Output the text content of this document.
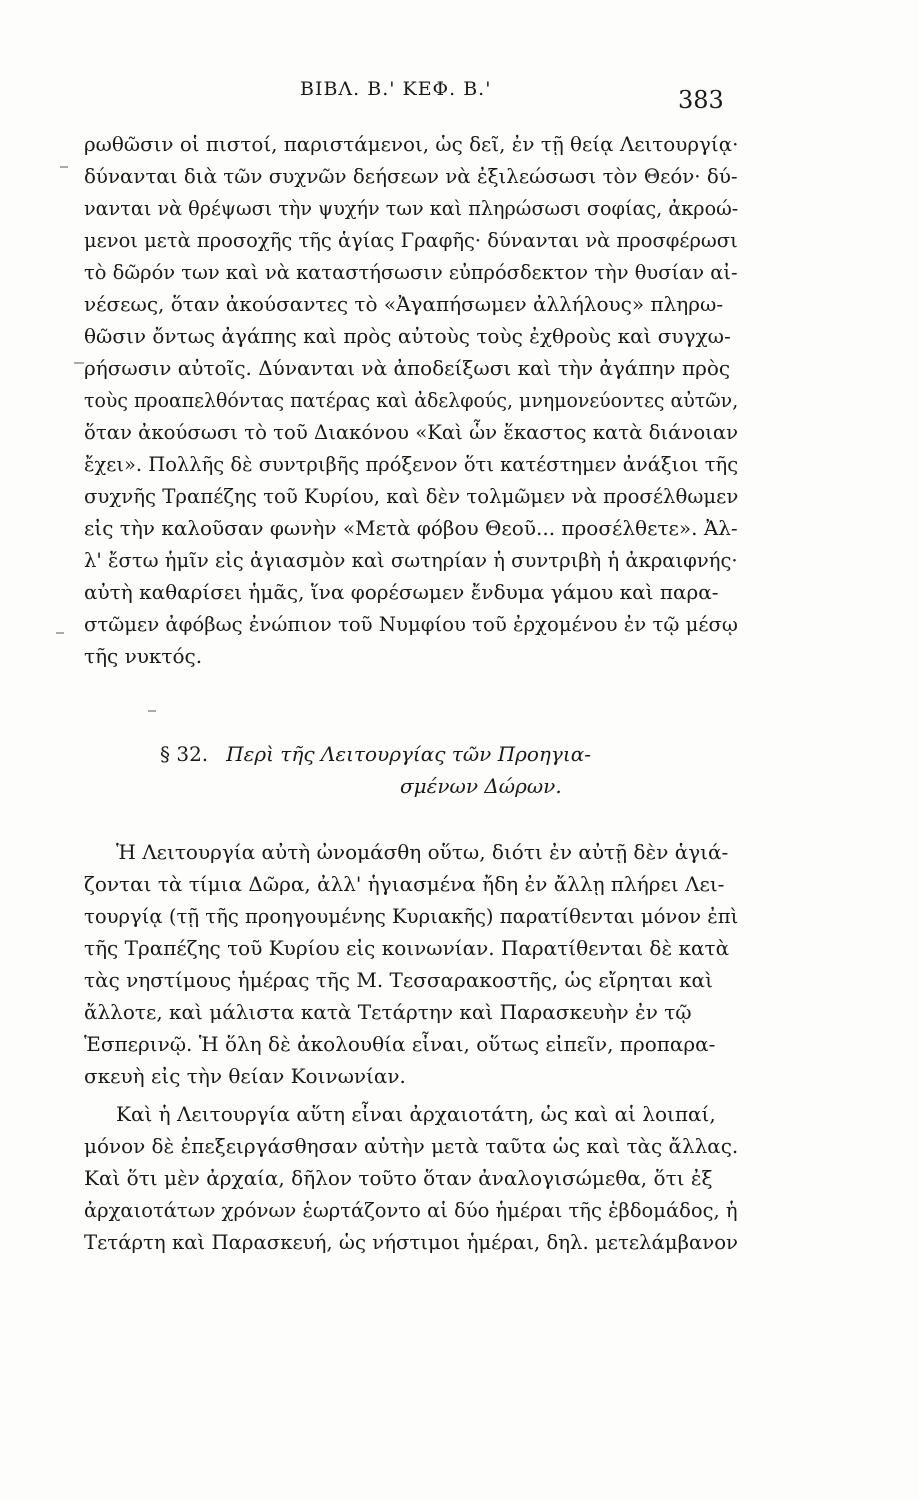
ΒΙΒΛ. Β.' ΚΕΦ. Β.'	383
ρωθῶσιν οἱ πιστοί, παριστάμενοι, ὡς δεῖ, ἐν τῇ θείᾳ Λειτουργίᾳ·
δύνανται διὰ τῶν συχνῶν δεήσεων νὰ ἐξιλεώσωσι τὸν Θεόν· δύ-
νανται νὰ θρέψωσι τὴν ψυχήν των καὶ πληρώσωσι σοφίας, ἀκροώ-
μενοι μετὰ προσοχῆς τῆς ἁγίας Γραφῆς· δύνανται νὰ προσφέρωσι
τὸ δῶρόν των καὶ νὰ καταστήσωσιν εὐπρόσδεκτον τὴν θυσίαν αἰ-
νέσεως, ὅταν ἀκούσαντες τὸ «Ἀγαπήσωμεν ἀλλήλους» πληρω-
θῶσιν ὄντως ἀγάπης καὶ πρὸς αὐτοὺς τοὺς ἐχθροὺς καὶ συγχω-
ρήσωσιν αὐτοῖς. Δύνανται νὰ ἀποδείξωσι καὶ τὴν ἀγάπην πρὸς
τοὺς προαπελθόντας πατέρας καὶ ἀδελφούς, μνημονεύοντες αὐτῶν,
ὅταν ἀκούσωσι τὸ τοῦ Διακόνου «Καὶ ὧν ἕκαστος κατὰ διάνοιαν
ἔχει». Πολλῆς δὲ συντριβῆς πρόξενον ὅτι κατέστημεν ἀνάξιοι τῆς
συχνῆς Τραπέζης τοῦ Κυρίου, καὶ δὲν τολμῶμεν νὰ προσέλθωμεν
εἰς τὴν καλοῦσαν φωνὴν «Μετὰ φόβου Θεοῦ... προσέλθετε». Ἀλ-
λ' ἔστω ἡμῖν εἰς ἁγιασμὸν καὶ σωτηρίαν ἡ συντριβὴ ἡ ἀκραιφνής·
αὐτὴ καθαρίσει ἡμᾶς, ἵνα φορέσωμεν ἔνδυμα γάμου καὶ παρα-
στῶμεν ἀφόβως ἐνώπιον τοῦ Νυμφίου τοῦ ἐρχομένου ἐν τῷ μέσῳ
τῆς νυκτός.
§ 32. Περὶ τῆς Λειτουργίας τῶν Προηγια-
σμένων Δώρων.
Ἡ Λειτουργία αὐτὴ ὠνομάσθη οὕτω, διότι ἐν αὐτῇ δὲν ἁγιά-
ζονται τὰ τίμια Δῶρα, ἀλλ' ἡγιασμένα ἤδη ἐν ἄλλῃ πλήρει Λει-
τουργίᾳ (τῇ τῆς προηγουμένης Κυριακῆς) παρατίθενται μόνον ἐπὶ
τῆς Τραπέζης τοῦ Κυρίου εἰς κοινωνίαν. Παρατίθενται δὲ κατὰ
τὰς νηστίμους ἡμέρας τῆς Μ. Τεσσαρακοστῆς, ὡς εἴρηται καὶ
ἄλλοτε, καὶ μάλιστα κατὰ Τετάρτην καὶ Παρασκευὴν ἐν τῷ
Ἑσπερινῷ. Ἡ ὅλη δὲ ἀκολουθία εἶναι, οὕτως εἰπεῖν, προπαρα-
σκευὴ εἰς τὴν θείαν Κοινωνίαν.
Καὶ ἡ Λειτουργία αὕτη εἶναι ἀρχαιοτάτη, ὡς καὶ αἱ λοιπαί,
μόνον δὲ ἐπεξειργάσθησαν αὐτὴν μετὰ ταῦτα ὡς καὶ τὰς ἄλλας.
Καὶ ὅτι μὲν ἀρχαία, δῆλον τοῦτο ὅταν ἀναλογισώμεθα, ὅτι ἐξ
ἀρχαιοτάτων χρόνων ἑωρτάζοντο αἱ δύο ἡμέραι τῆς ἑβδομάδος, ἡ
Τετάρτη καὶ Παρασκευή, ὡς νήστιμοι ἡμέραι, δηλ. μετελάμβανον
